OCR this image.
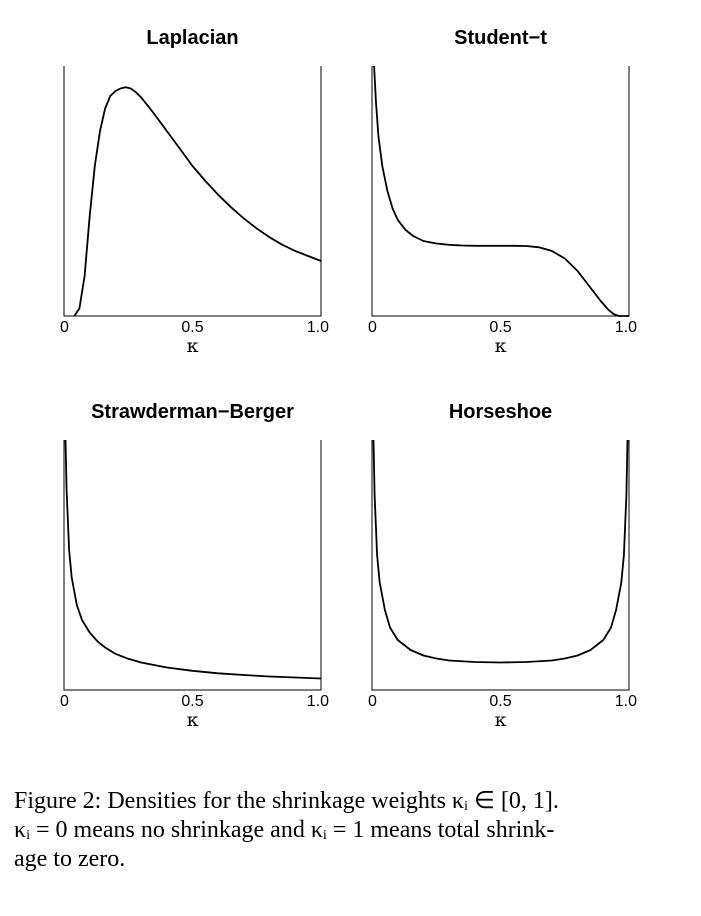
Laplacian
0	0.5	1.0
κ
Student−t
0	0.5	1.0
κ
Strawderman−Berger
0	0.5	1.0
κ
Horseshoe
0	0.5	1.0
κ

Figure 2: Densities for the shrinkage weights κᵢ ∈ [0, 1].

κᵢ = 0 means no shrinkage and κᵢ = 1 means total shrink-

age to zero.
